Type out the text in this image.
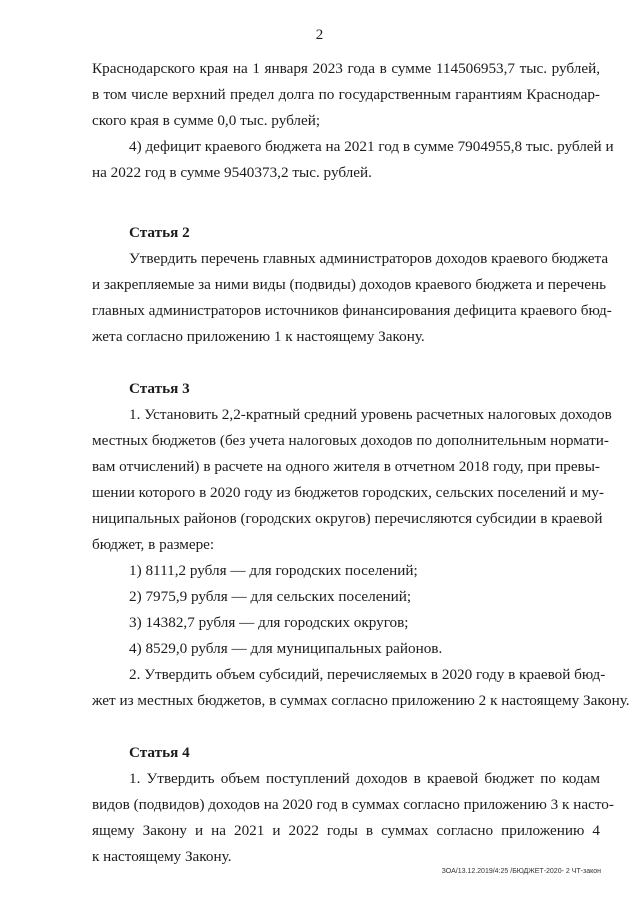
2
Краснодарского края на 1 января 2023 года в сумме 114506953,7 тыс. рублей,
в том числе верхний предел долга по государственным гарантиям Краснодар-
ского края в сумме 0,0 тыс. рублей;
4) дефицит краевого бюджета на 2021 год в сумме 7904955,8 тыс. рублей и
на 2022 год в сумме 9540373,2 тыс. рублей.
Статья 2
Утвердить перечень главных администраторов доходов краевого бюджета
и закрепляемые за ними виды (подвиды) доходов краевого бюджета и перечень
главных администраторов источников финансирования дефицита краевого бюд-
жета согласно приложению 1 к настоящему Закону.
Статья 3
1. Установить 2,2-кратный средний уровень расчетных налоговых доходов
местных бюджетов (без учета налоговых доходов по дополнительным нормати-
вам отчислений) в расчете на одного жителя в отчетном 2018 году, при превы-
шении которого в 2020 году из бюджетов городских, сельских поселений и му-
ниципальных районов (городских округов) перечисляются субсидии в краевой
бюджет, в размере:
1) 8111,2 рубля — для городских поселений;
2) 7975,9 рубля — для сельских поселений;
3) 14382,7 рубля — для городских округов;
4) 8529,0 рубля — для муниципальных районов.
2. Утвердить объем субсидий, перечисляемых в 2020 году в краевой бюд-
жет из местных бюджетов, в суммах согласно приложению 2 к настоящему Закону.
Статья 4
1. Утвердить объем поступлений доходов в краевой бюджет по кодам
видов (подвидов) доходов на 2020 год в суммах согласно приложению 3 к насто-
ящему Закону и на 2021 и 2022 годы в суммах согласно приложению 4
к настоящему Закону.
ЗОА/13.12.2019/4:25 /БЮДЖЕТ-2020- 2 ЧТ-закон
